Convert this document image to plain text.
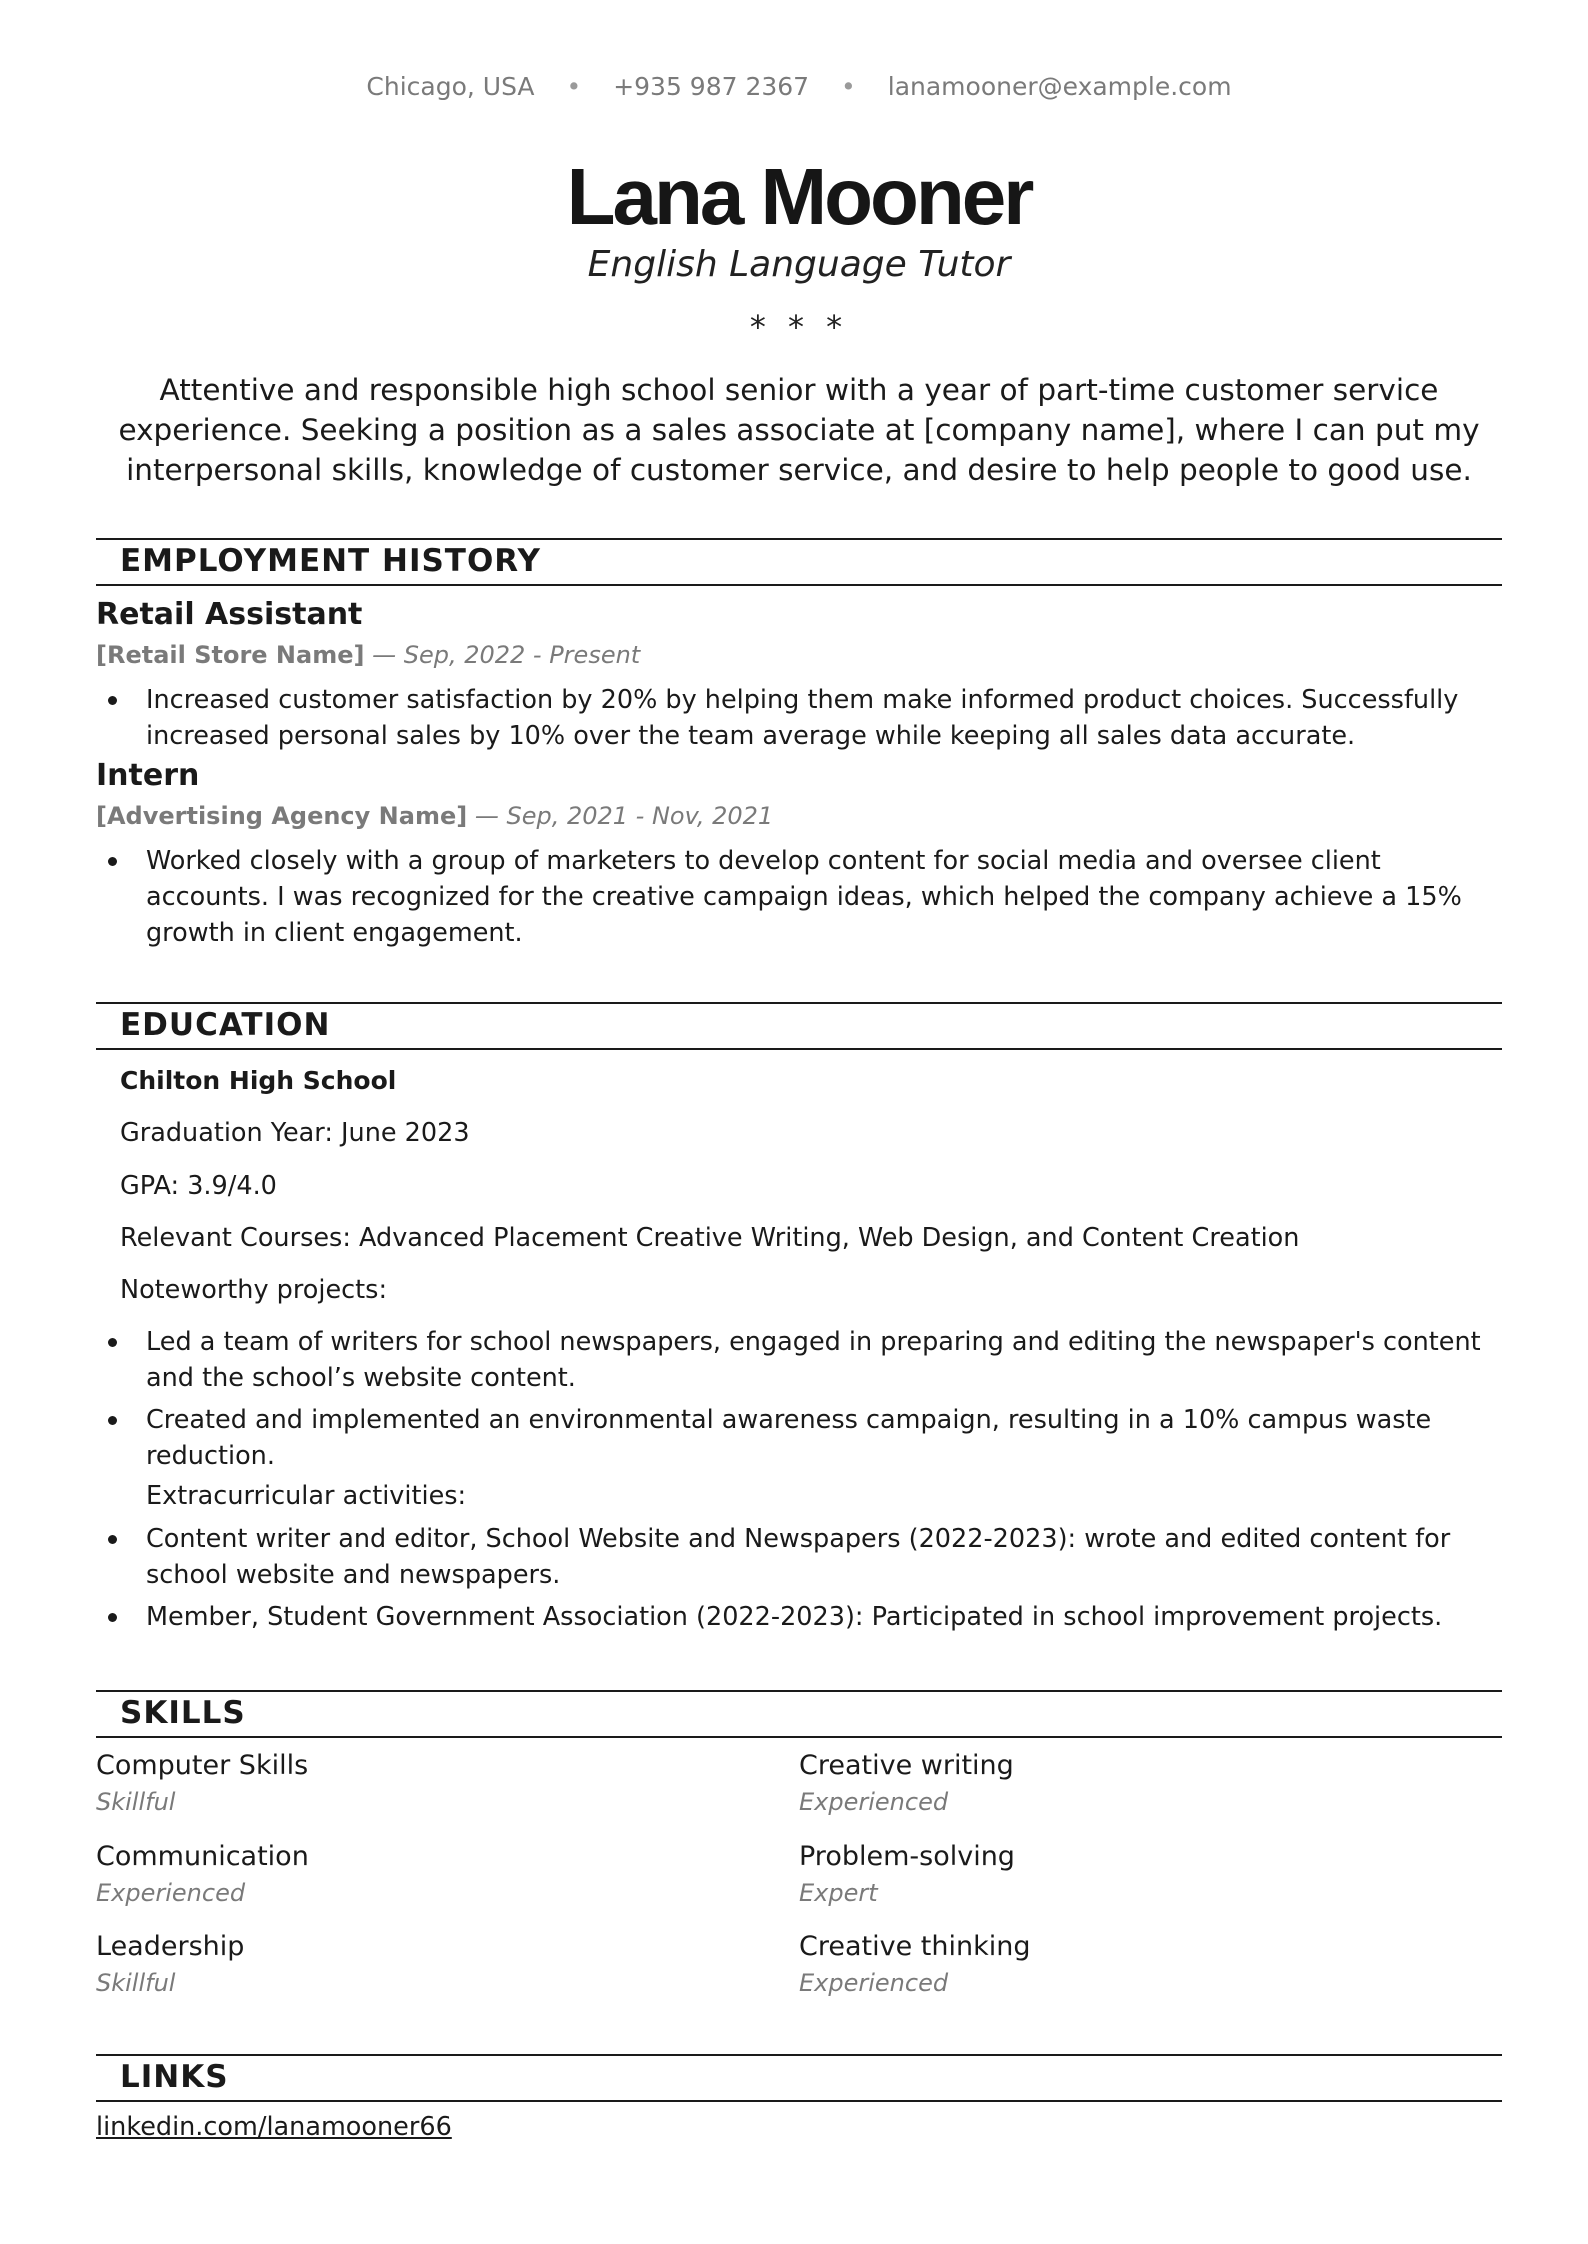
Chicago, USA • +935 987 2367 • lanamooner@example.com
Lana Mooner
English Language Tutor
* * *
Attentive and responsible high school senior with a year of part-time customer service experience. Seeking a position as a sales associate at [company name], where I can put my interpersonal skills, knowledge of customer service, and desire to help people to good use.
EMPLOYMENT HISTORY
Retail Assistant
[Retail Store Name] — Sep, 2022 - Present
Increased customer satisfaction by 20% by helping them make informed product choices. Successfully increased personal sales by 10% over the team average while keeping all sales data accurate.
Intern
[Advertising Agency Name] — Sep, 2021 - Nov, 2021
Worked closely with a group of marketers to develop content for social media and oversee client accounts. I was recognized for the creative campaign ideas, which helped the company achieve a 15% growth in client engagement.
EDUCATION
Chilton High School
Graduation Year: June 2023
GPA: 3.9/4.0
Relevant Courses: Advanced Placement Creative Writing, Web Design, and Content Creation
Noteworthy projects:
Led a team of writers for school newspapers, engaged in preparing and editing the newspaper's content and the school’s website content.
Created and implemented an environmental awareness campaign, resulting in a 10% campus waste reduction.
Extracurricular activities:
Content writer and editor, School Website and Newspapers (2022-2023): wrote and edited content for school website and newspapers.
Member, Student Government Association (2022-2023): Participated in school improvement projects.
SKILLS
Computer Skills
Skillful
Creative writing
Experienced
Communication
Experienced
Problem-solving
Expert
Leadership
Skillful
Creative thinking
Experienced
LINKS
linkedin.com/lanamooner66
